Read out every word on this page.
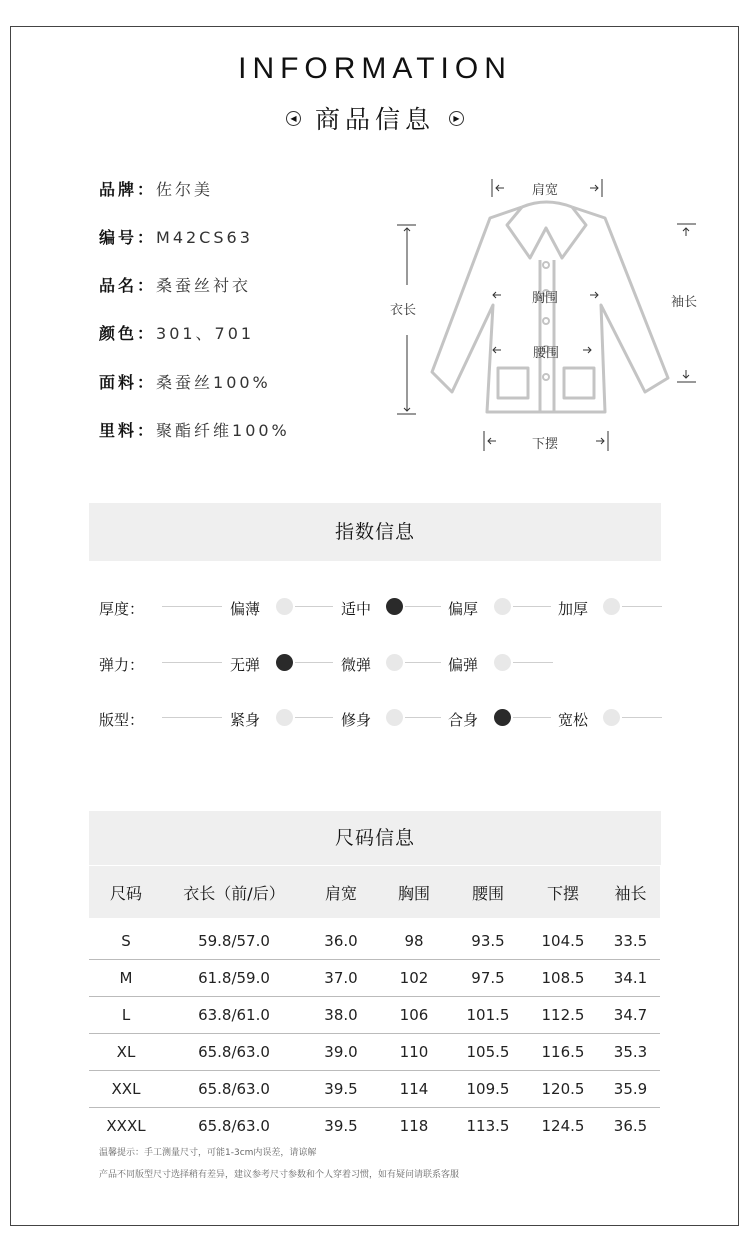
INFORMATION
◀ 商品信息 ▶
品牌：佐尔美
编号：M42CS63
品名：桑蚕丝衬衣
颜色：301、701
面料：桑蚕丝100%
里料：聚酯纤维100%
肩宽
衣长
袖长
胸围
腰围
下摆
指数信息
厚度：	偏薄	适中	偏厚	加厚
弹力：	无弹	微弹	偏弹
版型：	紧身	修身	合身	宽松
尺码信息
尺码	衣长（前/后）	肩宽	胸围	腰围	下摆	袖长

S	59.8/57.0	36.0	98	93.5	104.5	33.5
M	61.8/59.0	37.0	102	97.5	108.5	34.1
L	63.8/61.0	38.0	106	101.5	112.5	34.7
XL	65.8/63.0	39.0	110	105.5	116.5	35.3
XXL	65.8/63.0	39.5	114	109.5	120.5	35.9
XXXL	65.8/63.0	39.5	118	113.5	124.5	36.5
温馨提示：手工测量尺寸，可能1-3cm内误差，请谅解
产品不同版型尺寸选择稍有差异，建议参考尺寸参数和个人穿着习惯，如有疑问请联系客服
